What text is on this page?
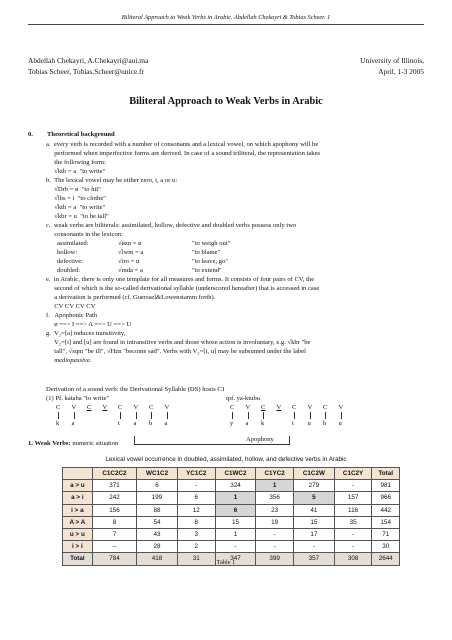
Biliteral Approach to Weak Verbs in Arabic. Abdellah Chekayri & Tobias Scheer. 1
Abdellah Chekayri, A.Chekayri@aui.ma	University of Illinois,
Tobias Scheer, Tobias.Scheer@unice.fr	April, 1-3 2005
Biliteral Approach to Weak Verbs in Arabic
0. Theoretical background
a.  every verb is recorded with a number of consonants and a lexical vowel, on which apophony will be
performed when imperfective forms are derived. In case of a sound triliteral, the representation takes
the following form:
√ktb = a  "to write"
b.  The lexical vowel may be either zero, i, a or u:
√Drb = ø  "to hit"
√lbs = i  "to clothe"
√ktb = a  "to write"
√kbr = u  "to be tall"
c.  weak verbs are biliterals: assimilated, hollow, defective and doubled verbs possess only two
consonants in the lexicon:
assimilated:	√øzn = ø	"to weigh out"
hollow:	√lwm = a	"to blame"
defective:	√tro = u	"to leave, go"
doubled:	√mda = a	"to extend"
e.  in Arabic, there is only one template for all measures and forms. It consists of four pairs of CV, the
second of which is the so-called derivational syllable (underscored hereafter) that is accessed in case
a derivation is performed (cf. Guerssel&Lowenstamm forth).
CV CV CV CV
f.   Apophonic Path
ø ==> I ==> A ==> U ==> U
g.  V₂=[a] induces transitivity,
V₂=[i] and [u] are found in intransitive verbs and those whose action is involuntary, e.g. √kbr "be
tall", √sqm "be ill", √Hzn "become sad". Verbs with V₂=[i, u] may be subsumed under the label
mediopassive.
Derivation of a sound verb: the Derivational Syllable (DS) hosts C1
(1) Pf. kataba "to write"	ipf. ya-ktubu
C V C V C V C V
k a	t a b a
C V C V C V C V
y a k	t u b u
Apophony
1. Weak Verbs: numeric situation
Lexical vowel occurrence in doubled, assimilated, hollow, and defective verbs in Arabic
	C1C2C2	WC1C2	YC1C2	C1WC2	C1YC2	C1C2W	C1C2Y	Total
a > u	371	6	-	324	1	279	-	981
a > i	242	199	6	1	356	5	157	966
i > a	156	88	12	6	23	41	116	442
A > A	8	54	8	15	19	15	35	154
u > u	7	43	3	1	-	17	-	71
i > i	--	28	2	-	-	-	-	30
Total	784	418	31	347	399	357	308	2644
Table 1
